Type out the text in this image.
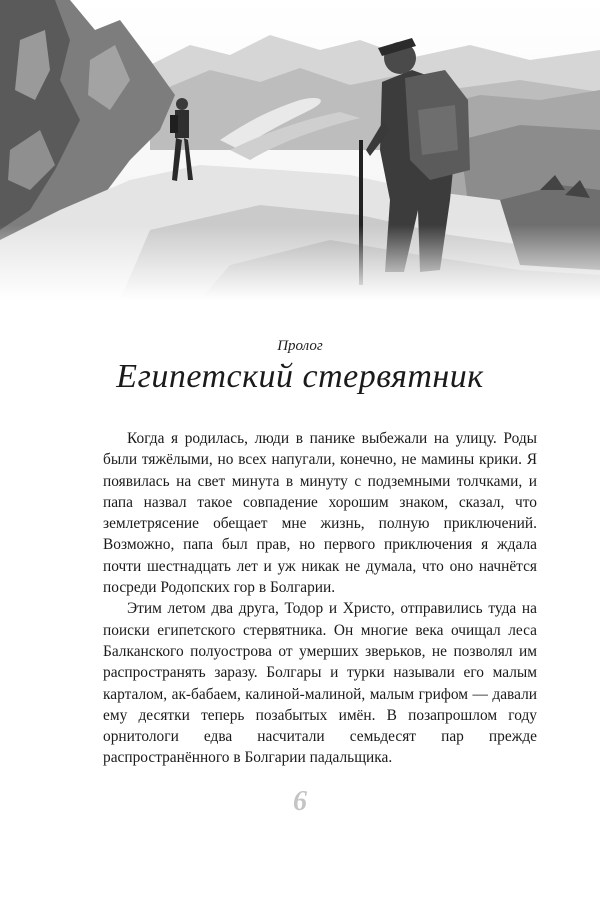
Пролог
Египетский стервятник

Когда я родилась, люди в панике выбежали на улицу. Роды были тяжёлыми, но всех напугали, конечно, не мамины крики. Я появилась на свет минута в минуту с подземными толчками, и папа назвал такое совпадение хорошим знаком, сказал, что землетрясение обещает мне жизнь, полную приключений. Возможно, папа был прав, но первого приключения я ждала почти шестнадцать лет и уж никак не думала, что оно начнётся посреди Родопских гор в Болгарии.

Этим летом два друга, Тодор и Христо, отправились туда на поиски египетского стервятника. Он многие века очищал леса Балканского полуострова от умерших зверьков, не позволял им распространять заразу. Болгары и турки называли его малым карталом, ак-бабаем, калиной-малиной, малым грифом — давали ему десятки теперь позабытых имён. В позапрошлом году орнитологи едва насчитали семьдесят пар прежде распространённого в Болгарии падальщика.

6
